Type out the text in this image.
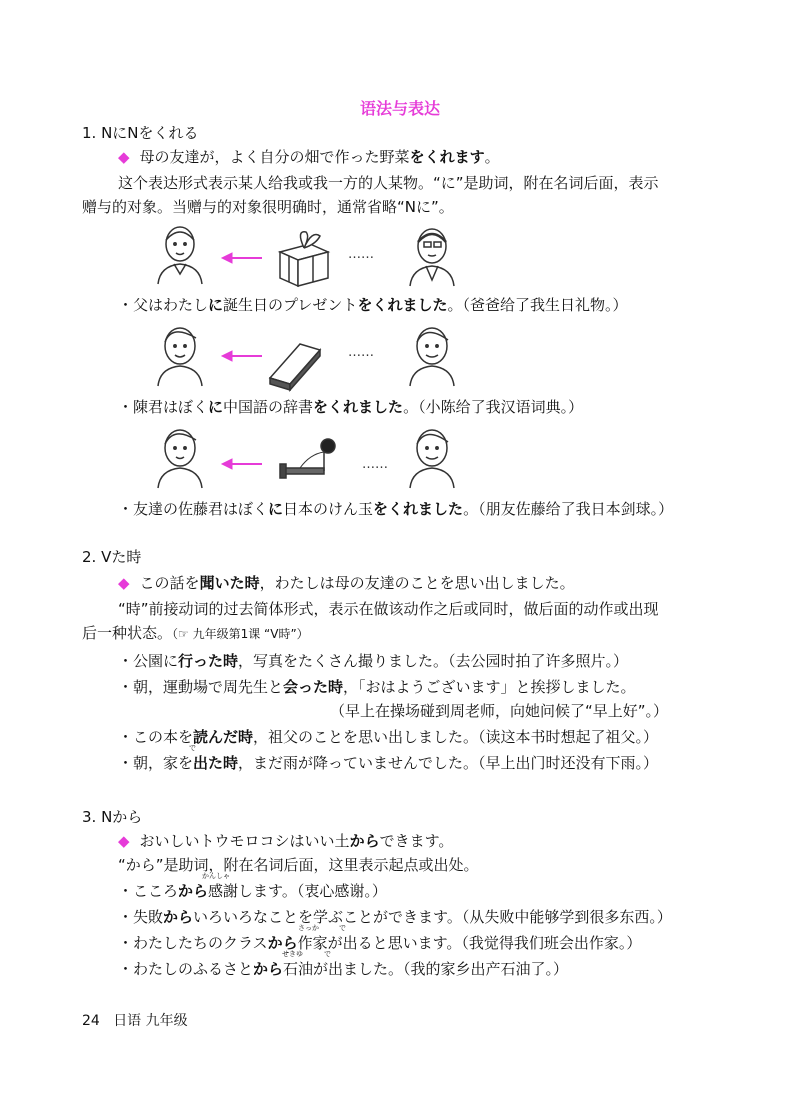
语法与表达
1. NにNをくれる
◆ 母の友達が，よく自分の畑で作った野菜をくれます。
这个表达形式表示某人给我或我一方的人某物。“に”是助词，附在名词后面，表示
赠与的对象。当赠与的对象很明确时，通常省略“Nに”。
……
・父はわたしに誕生日のプレゼントをくれました。（爸爸给了我生日礼物。）
……
・陳君はぼくに中国語の辞書をくれました。（小陈给了我汉语词典。）
……
・友達の佐藤君はぼくに日本のけん玉をくれました。（朋友佐藤给了我日本剑球。）
2. Vた時
◆ この話を聞いた時，わたしは母の友達のことを思い出しました。
“時”前接动词的过去简体形式，表示在做该动作之后或同时，做后面的动作或出现
后一种状态。（☞ 九年级第1课 “V時”）
・公園に行った時，写真をたくさん撮りました。（去公园时拍了许多照片。）
・朝，運動場で周先生と会った時，「おはようございます」と挨拶しました。
（早上在操场碰到周老师，向她问候了“早上好”。）
・この本を読んだ時，祖父のことを思い出しました。（读这本书时想起了祖父。）
で
・朝，家を出た時，まだ雨が降っていませんでした。（早上出门时还没有下雨。）
3. Nから
◆ おいしいトウモロコシはいい土からできます。
“から”是助词，附在名词后面，这里表示起点或出处。
かんしゃ
・こころから感謝します。（衷心感谢。）
・失敗からいろいろなことを学ぶことができます。（从失败中能够学到很多东西。）
さっか	で
・わたしたちのクラスから作家が出ると思います。（我觉得我们班会出作家。）
せきゆ	で
・わたしのふるさとから石油が出ました。（我的家乡出产石油了。）
24 日语 九年级
